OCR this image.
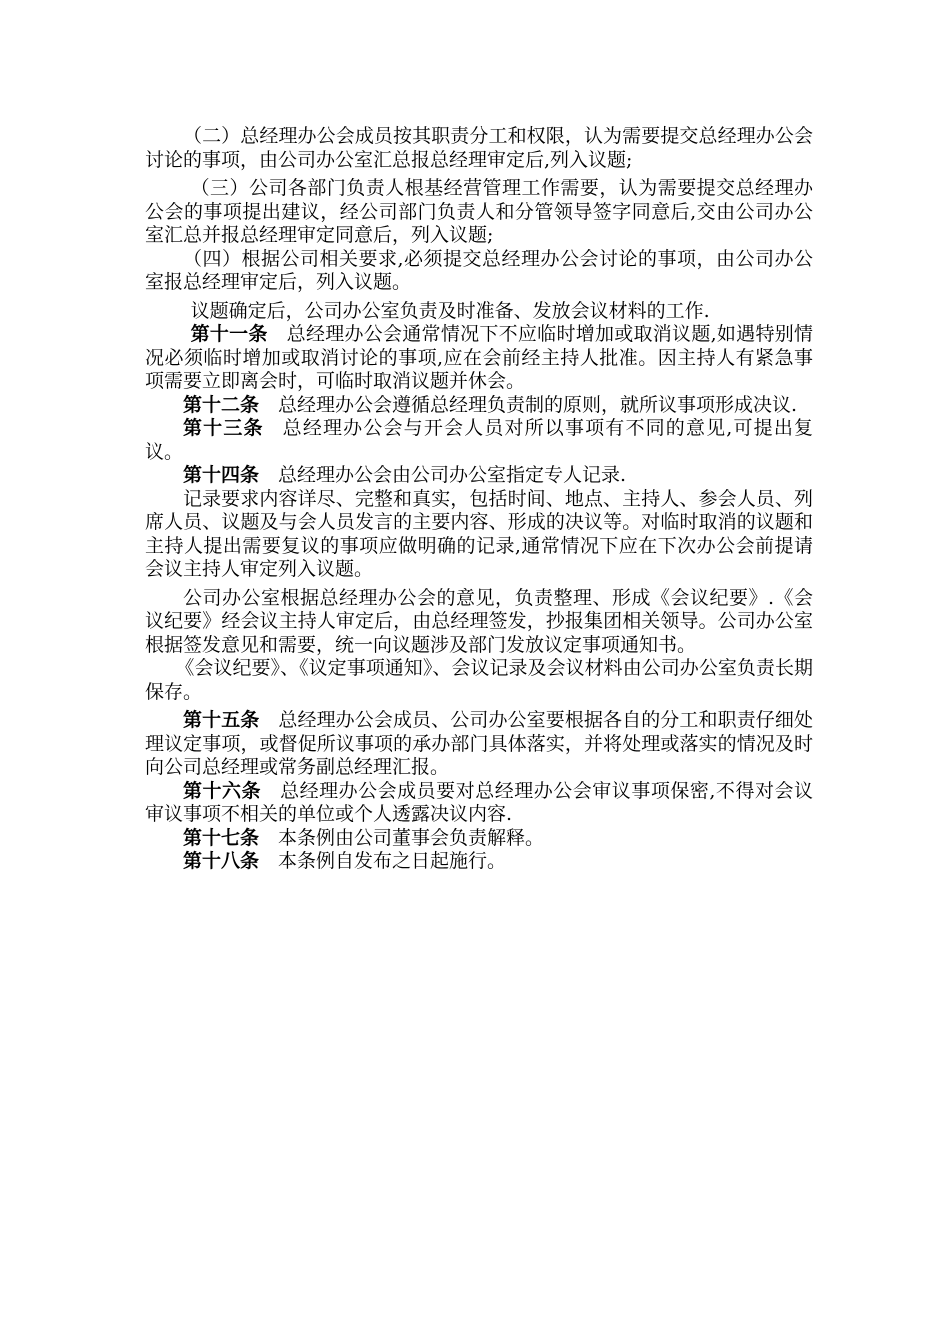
（二）总经理办公会成员按其职责分工和权限，认为需要提交总经理办公会讨论的事项，由公司办公室汇总报总经理审定后,列入议题;

（三）公司各部门负责人根基经营管理工作需要，认为需要提交总经理办公会的事项提出建议，经公司部门负责人和分管领导签字同意后,交由公司办公室汇总并报总经理审定同意后，列入议题;

（四）根据公司相关要求,必须提交总经理办公会讨论的事项，由公司办公室报总经理审定后，列入议题。

议题确定后，公司办公室负责及时准备、发放会议材料的工作.

第十一条 总经理办公会通常情况下不应临时增加或取消议题,如遇特别情况必须临时增加或取消讨论的事项,应在会前经主持人批准。因主持人有紧急事项需要立即离会时，可临时取消议题并休会。

第十二条 总经理办公会遵循总经理负责制的原则，就所议事项形成决议.

第十三条 总经理办公会与开会人员对所以事项有不同的意见,可提出复议。

第十四条 总经理办公会由公司办公室指定专人记录.

记录要求内容详尽、完整和真实，包括时间、地点、主持人、参会人员、列席人员、议题及与会人员发言的主要内容、形成的决议等。对临时取消的议题和主持人提出需要复议的事项应做明确的记录,通常情况下应在下次办公会前提请会议主持人审定列入议题。

公司办公室根据总经理办公会的意见，负责整理、形成《会议纪要》.《会议纪要》经会议主持人审定后，由总经理签发，抄报集团相关领导。公司办公室根据签发意见和需要，统一向议题涉及部门发放议定事项通知书。

《会议纪要》、《议定事项通知》、会议记录及会议材料由公司办公室负责长期保存。

第十五条 总经理办公会成员、公司办公室要根据各自的分工和职责仔细处理议定事项，或督促所议事项的承办部门具体落实，并将处理或落实的情况及时向公司总经理或常务副总经理汇报。

第十六条 总经理办公会成员要对总经理办公会审议事项保密,不得对会议审议事项不相关的单位或个人透露决议内容.

第十七条 本条例由公司董事会负责解释。

第十八条 本条例自发布之日起施行。
